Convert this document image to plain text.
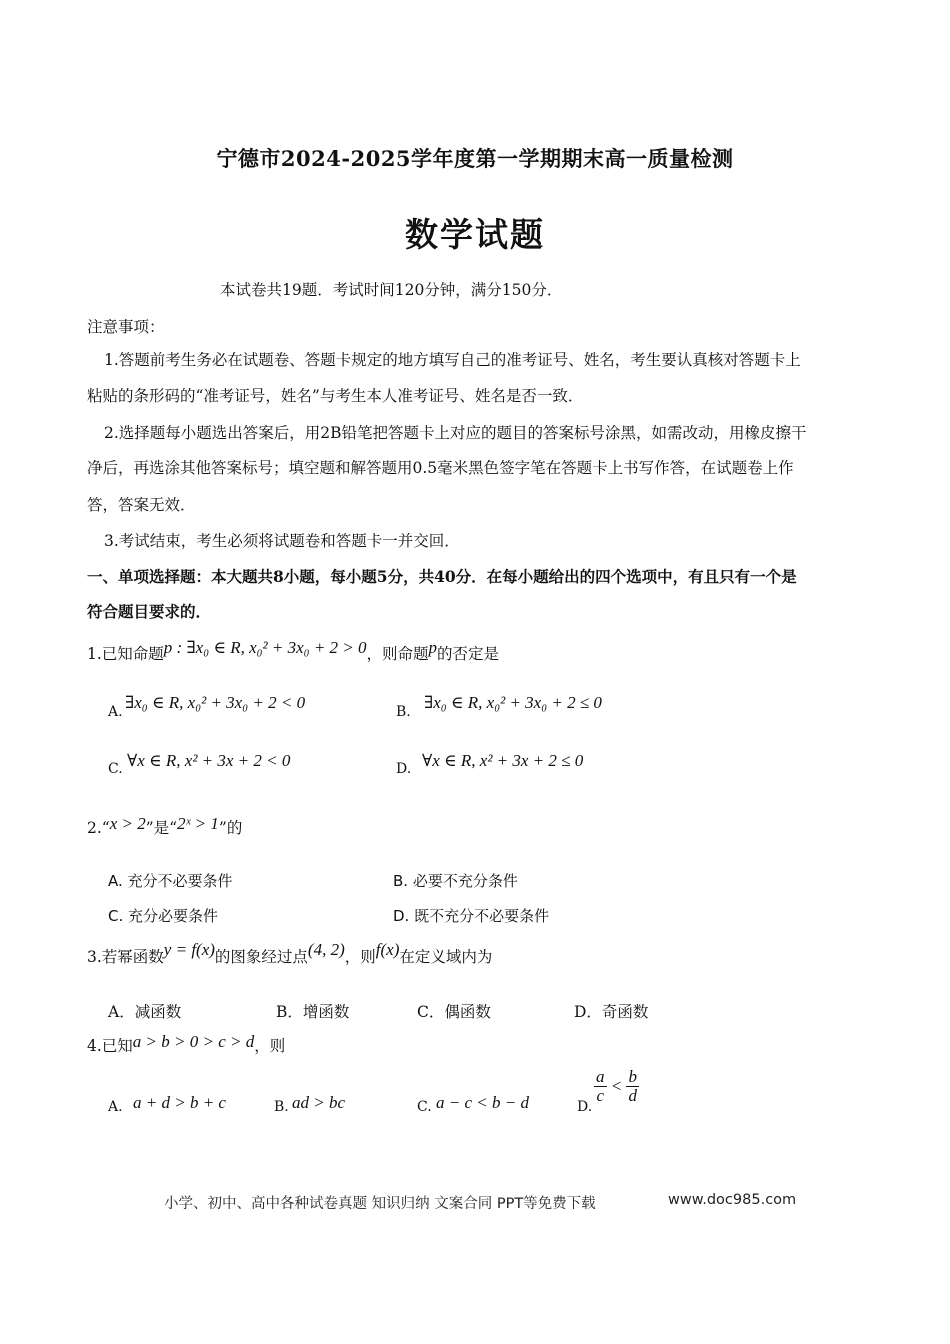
宁德市2024-2025学年度第一学期期末高一质量检测
数学试题
本试卷共19题．考试时间120分钟，满分150分．
注意事项：
1.答题前考生务必在试题卷、答题卡规定的地方填写自己的准考证号、姓名，考生要认真核对答题卡上
粘贴的条形码的“准考证号，姓名”与考生本人准考证号、姓名是否一致．
2.选择题每小题选出答案后，用2B铅笔把答题卡上对应的题目的答案标号涂黑，如需改动，用橡皮擦干
净后，再选涂其他答案标号；填空题和解答题用0.5毫米黑色签字笔在答题卡上书写作答，在试题卷上作
答，答案无效．
3.考试结束，考生必须将试题卷和答题卡一并交回．
一、单项选择题：本大题共8小题，每小题5分，共40分．在每小题给出的四个选项中，有且只有一个是
符合题目要求的．
1.已知命题p : ∃x₀ ∈ R, x₀² + 3x₀ + 2 > 0，则命题p的否定是
A. ∃x₀ ∈ R, x₀² + 3x₀ + 2 < 0	B. ∃x₀ ∈ R, x₀² + 3x₀ + 2 ≤ 0
C. ∀x ∈ R, x² + 3x + 2 < 0	D. ∀x ∈ R, x² + 3x + 2 ≤ 0
2.“x > 2”是“2ˣ > 1”的
A. 充分不必要条件	B. 必要不充分条件
C. 充分必要条件	D. 既不充分不必要条件
3.若幂函数y = f(x)的图象经过点(4, 2)，则f(x)在定义域内为
A．减函数	B．增函数	C．偶函数	D．奇函数
4.已知a > b > 0 > c > d，则
A. a + d > b + c	B. ad > bc	C. a − c < b − d	D.
$\frac{a}{c} < \frac{b}{d}$
小学、初中、高中各种试卷真题 知识归纳 文案合同 PPT等免费下载	www.doc985.com
